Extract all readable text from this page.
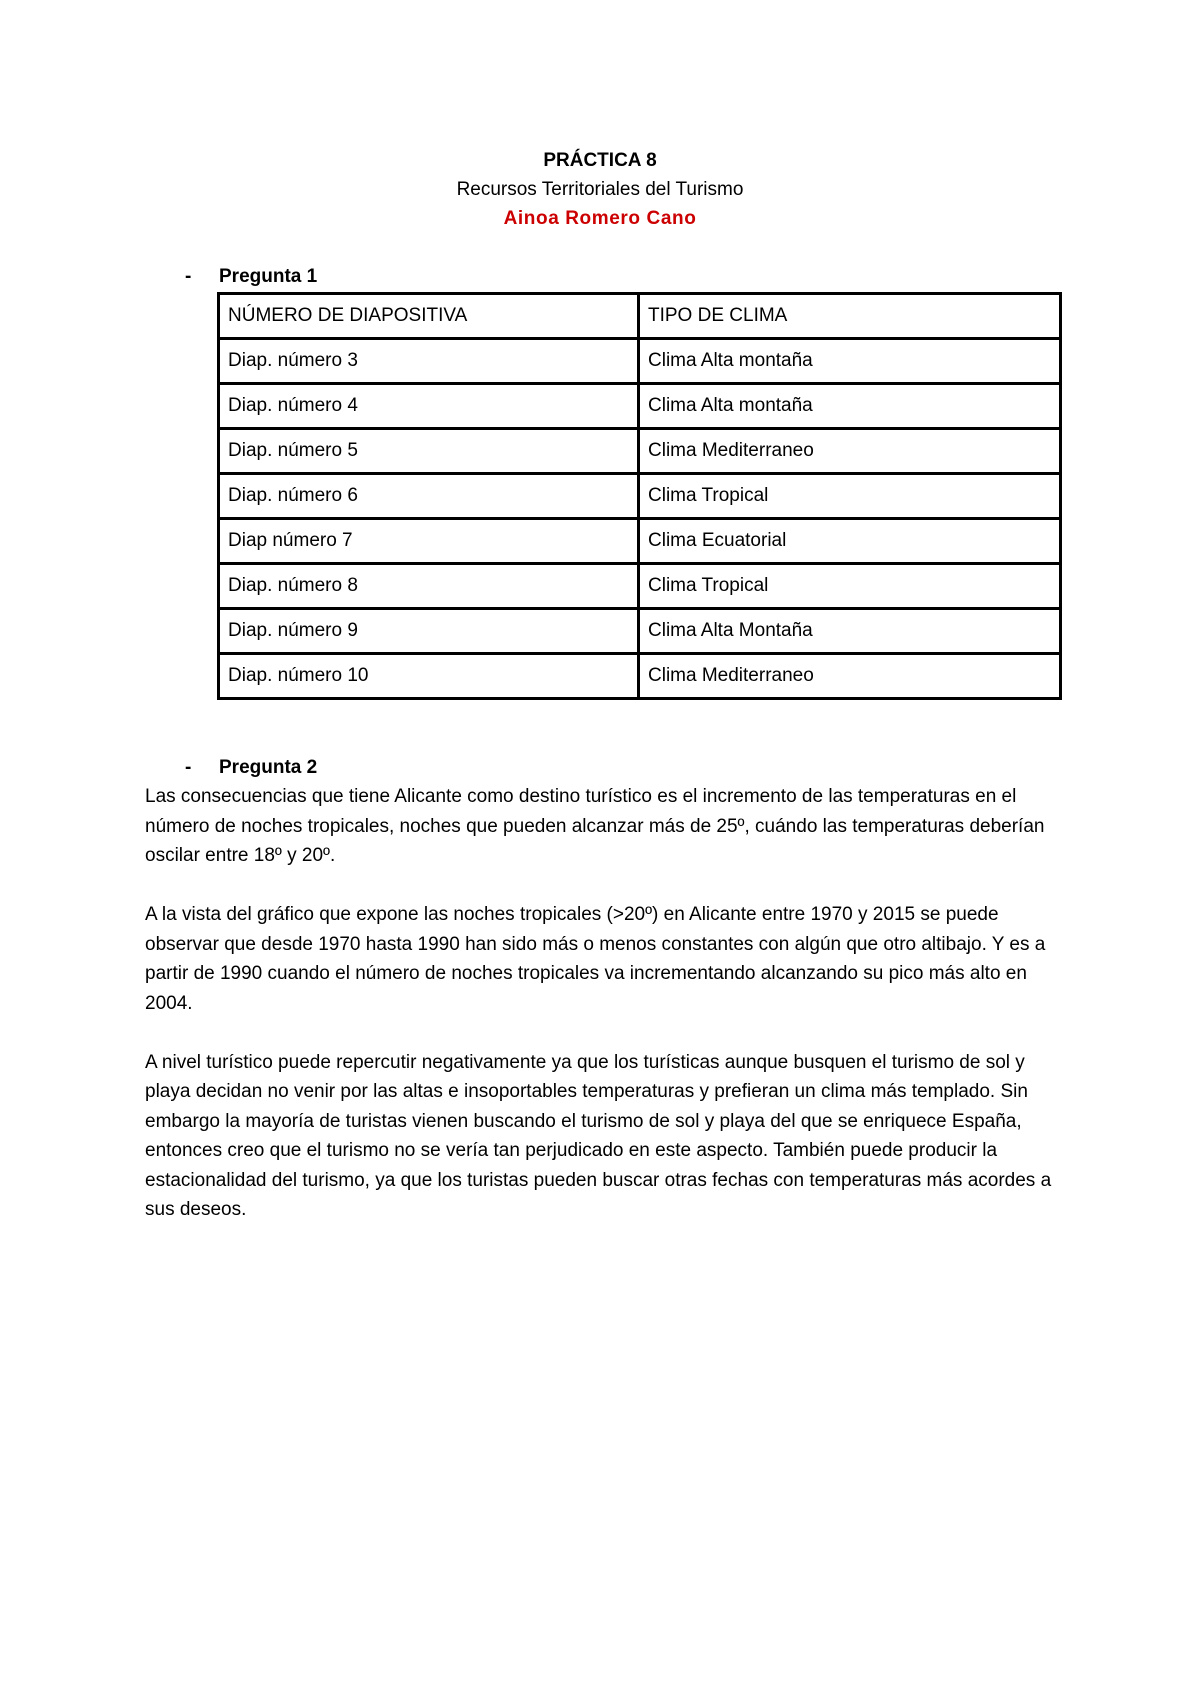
PRÁCTICA 8
Recursos Territoriales del Turismo
Ainoa Romero Cano
- Pregunta 1
NÚMERO DE DIAPOSITIVA	TIPO DE CLIMA
Diap. número 3	Clima Alta montaña
Diap. número 4	Clima Alta montaña
Diap. número 5	Clima Mediterraneo
Diap. número 6	Clima Tropical
Diap número 7	Clima Ecuatorial
Diap. número 8	Clima Tropical
Diap. número 9	Clima Alta Montaña
Diap. número 10	Clima Mediterraneo
- Pregunta 2

Las consecuencias que tiene Alicante como destino turístico es el incremento de las temperaturas en el número de noches tropicales, noches que pueden alcanzar más de 25º, cuándo las temperaturas deberían oscilar entre 18º y 20º.

A la vista del gráfico que expone las noches tropicales (>20º) en Alicante entre 1970 y 2015 se puede observar que desde 1970 hasta 1990 han sido más o menos constantes con algún que otro altibajo. Y es a partir de 1990 cuando el número de noches tropicales va incrementando alcanzando su pico más alto en 2004.

A nivel turístico puede repercutir negativamente ya que los turísticas aunque busquen el turismo de sol y playa decidan no venir por las altas e insoportables temperaturas y prefieran un clima más templado. Sin embargo la mayoría de turistas vienen buscando el turismo de sol y playa del que se enriquece España, entonces creo que el turismo no se vería tan perjudicado en este aspecto. También puede producir la estacionalidad del turismo, ya que los turistas pueden buscar otras fechas con temperaturas más acordes a sus deseos.
